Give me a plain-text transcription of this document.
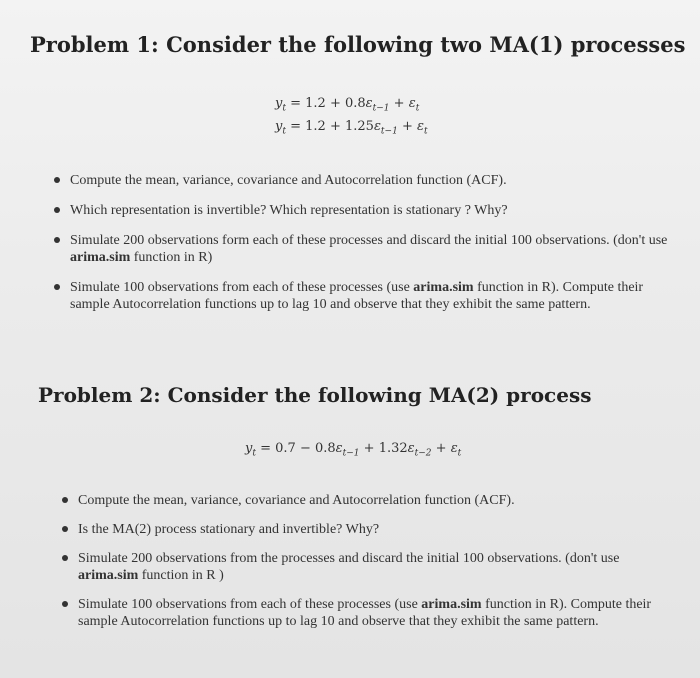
Problem 1: Consider the following two MA(1) processes
$y_t = 1.2 + 0.8\varepsilon_{t-1} + \varepsilon_t$
$y_t = 1.2 + 1.25\varepsilon_{t-1} + \varepsilon_t$
Compute the mean, variance, covariance and Autocorrelation function (ACF).
Which representation is invertible? Which representation is stationary ? Why?
Simulate 200 observations form each of these processes and discard the initial 100 observations. (don't use arima.sim function in R)
Simulate 100 observations from each of these processes (use arima.sim function in R). Compute their sample Autocorrelation functions up to lag 10 and observe that they exhibit the same pattern.
Problem 2: Consider the following MA(2) process
$y_t = 0.7 - 0.8\varepsilon_{t-1} + 1.32\varepsilon_{t-2} + \varepsilon_t$
Compute the mean, variance, covariance and Autocorrelation function (ACF).
Is the MA(2) process stationary and invertible? Why?
Simulate 200 observations from the processes and discard the initial 100 observations. (don't use arima.sim function in R )
Simulate 100 observations from each of these processes (use arima.sim function in R). Compute their sample Autocorrelation functions up to lag 10 and observe that they exhibit the same pattern.
